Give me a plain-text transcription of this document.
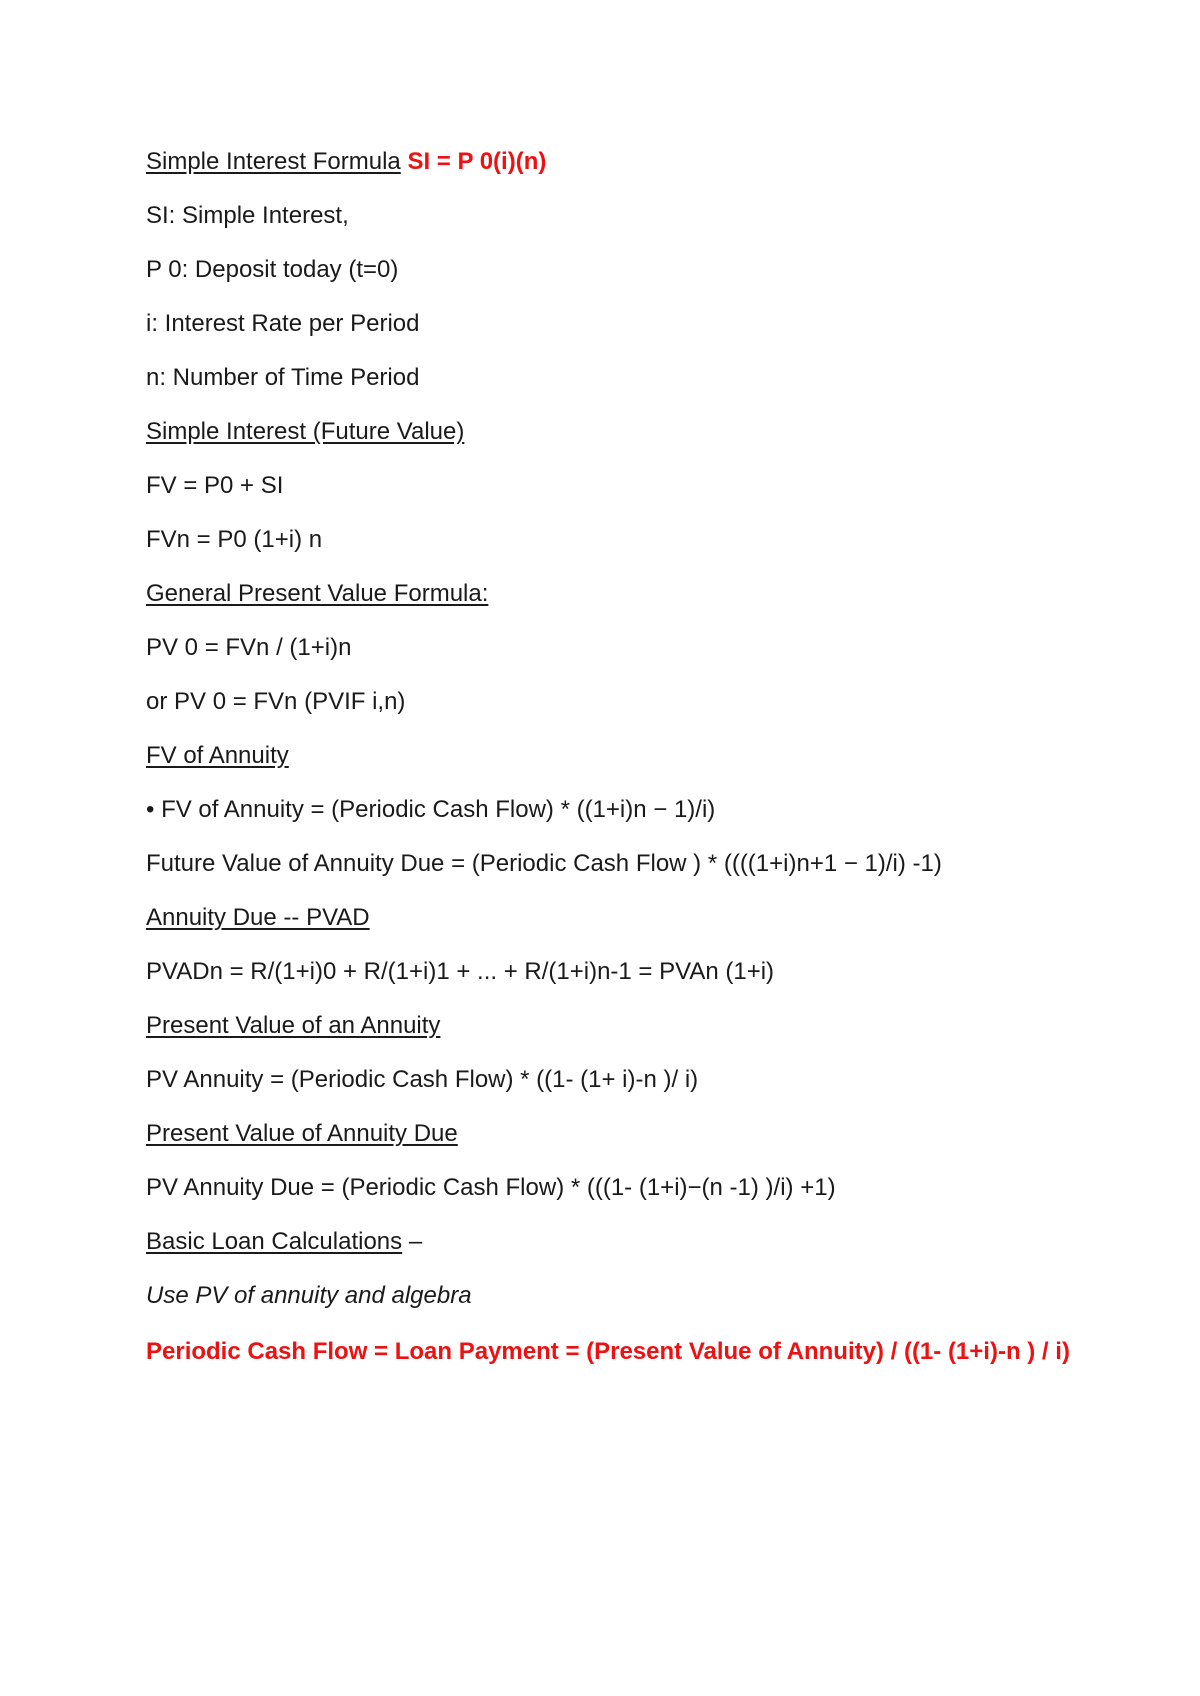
Simple Interest Formula SI = P 0(i)(n)

SI: Simple Interest,

P 0: Deposit today (t=0)

i: Interest Rate per Period

n: Number of Time Period

Simple Interest (Future Value)

FV = P0 + SI

FVn = P0 (1+i) n

General Present Value Formula:

PV 0 = FVn / (1+i)n

or PV 0 = FVn (PVIF i,n)

FV of Annuity

• FV of Annuity = (Periodic Cash Flow) * ((1+i)n − 1)/i)

Future Value of Annuity Due = (Periodic Cash Flow ) * ((((1+i)n+1 − 1)/i) -1)

Annuity Due -- PVAD

PVADn = R/(1+i)0 + R/(1+i)1 + ... + R/(1+i)n-1 = PVAn (1+i)

Present Value of an Annuity

PV Annuity = (Periodic Cash Flow) * ((1- (1+ i)-n )/ i)

Present Value of Annuity Due

PV Annuity Due = (Periodic Cash Flow) * (((1- (1+i)−(n -1) )/i) +1)

Basic Loan Calculations –

Use PV of annuity and algebra

Periodic Cash Flow = Loan Payment = (Present Value of Annuity) / ((1- (1+i)-n ) / i)
